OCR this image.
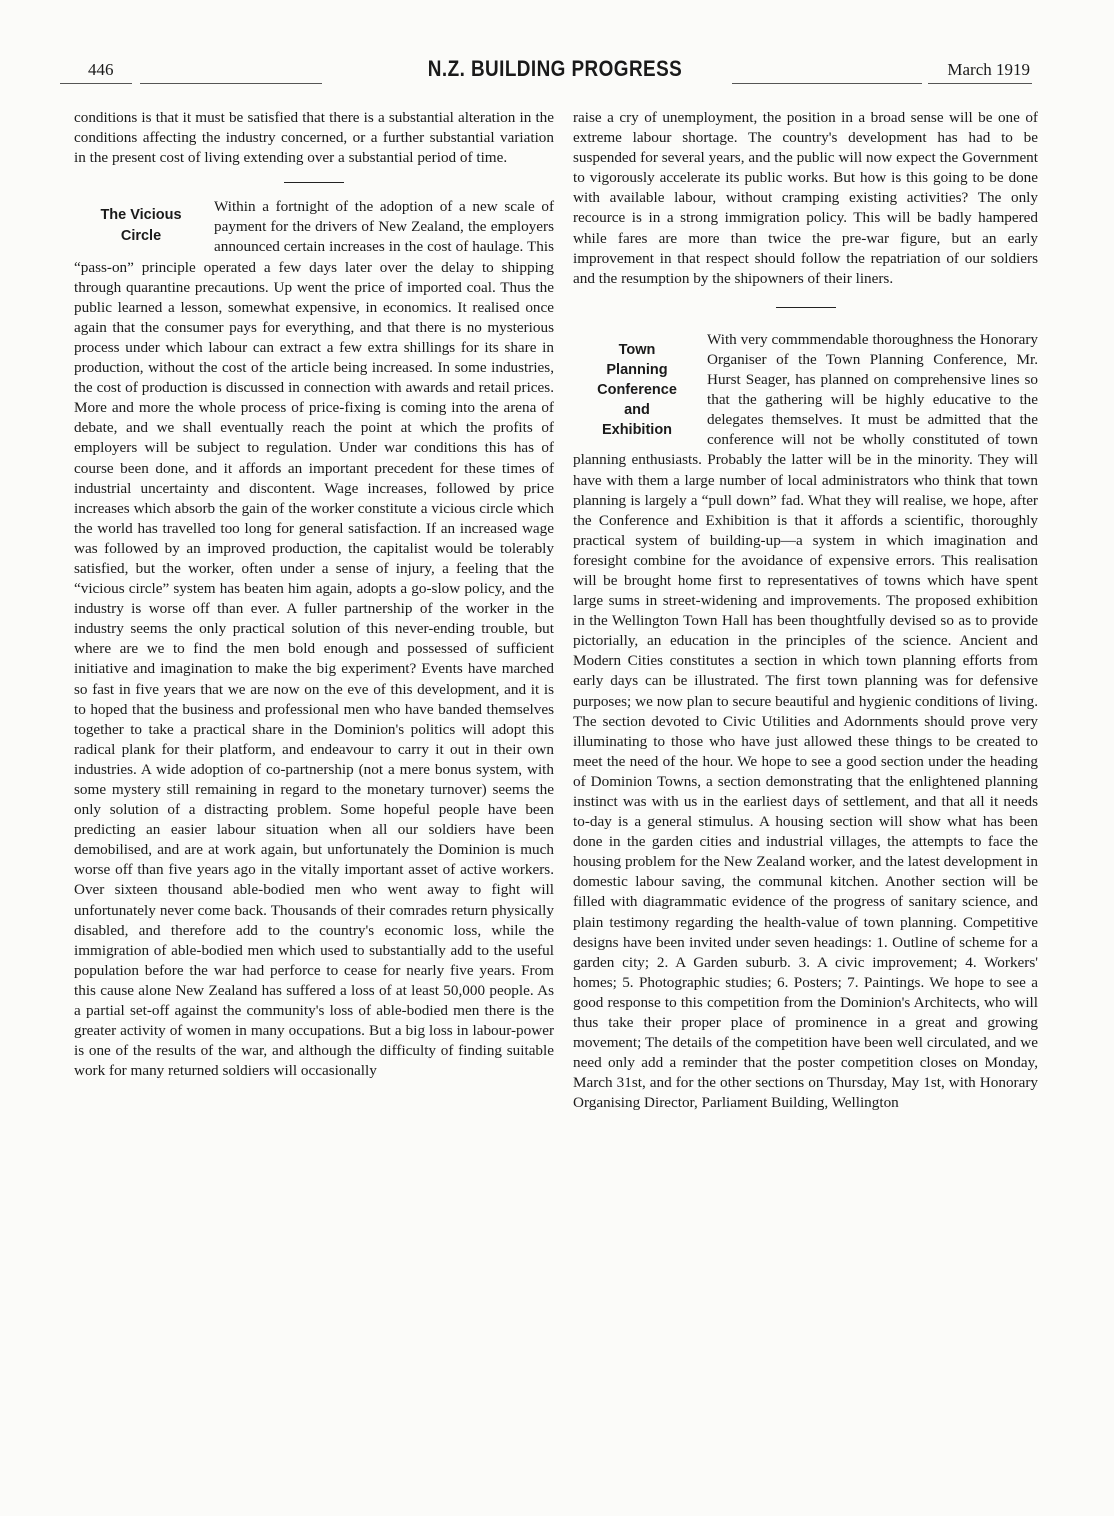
446	N.Z. BUILDING PROGRESS	March 1919

conditions is that it must be satisfied that there is a substantial alteration in the conditions affecting the industry concerned, or a further substantial variation in the present cost of living extending over a substantial period of time.

The Vicious
Circle

Within a fortnight of the adoption of a new scale of payment for the drivers of New Zealand, the employers announced certain increases in the cost of haulage. This “pass-on” principle operated a few days later over the delay to shipping through quarantine precautions. Up went the price of imported coal. Thus the public learned a lesson, somewhat expensive, in economics. It realised once again that the consumer pays for everything, and that there is no mysterious process under which labour can extract a few extra shillings for its share in production, without the cost of the article being increased. In some industries, the cost of production is discussed in connection with awards and retail prices. More and more the whole process of price-fixing is coming into the arena of debate, and we shall eventually reach the point at which the profits of employers will be subject to regulation. Under war conditions this has of course been done, and it affords an important precedent for these times of industrial uncertainty and discontent. Wage increases, followed by price increases which absorb the gain of the worker constitute a vicious circle which the world has travelled too long for general satisfaction. If an increased wage was followed by an improved production, the capitalist would be tolerably satisfied, but the worker, often under a sense of injury, a feeling that the “vicious circle” system has beaten him again, adopts a go-slow policy, and the industry is worse off than ever. A fuller partnership of the worker in the industry seems the only practical solution of this never-ending trouble, but where are we to find the men bold enough and possessed of sufficient initiative and imagination to make the big experiment? Events have marched so fast in five years that we are now on the eve of this development, and it is to hoped that the business and professional men who have banded themselves together to take a practical share in the Dominion's politics will adopt this radical plank for their platform, and endeavour to carry it out in their own industries. A wide adoption of co-partnership (not a mere bonus system, with some mystery still remaining in regard to the monetary turnover) seems the only solution of a distracting problem. Some hopeful people have been predicting an easier labour situation when all our soldiers have been demobilised, and are at work again, but unfortunately the Dominion is much worse off than five years ago in the vitally important asset of active workers. Over sixteen thousand able-bodied men who went away to fight will unfortunately never come back. Thousands of their comrades return physically disabled, and therefore add to the country's economic loss, while the immigration of able-bodied men which used to substantially add to the useful population before the war had perforce to cease for nearly five years. From this cause alone New Zealand has suffered a loss of at least 50,000 people. As a partial set-off against the community's loss of able-bodied men there is the greater activity of women in many occupations. But a big loss in labour-power is one of the results of the war, and although the difficulty of finding suitable work for many returned soldiers will occasionally

raise a cry of unemployment, the position in a broad sense will be one of extreme labour shortage. The country's development has had to be suspended for several years, and the public will now expect the Government to vigorously accelerate its public works. But how is this going to be done with available labour, without cramping existing activities? The only recource is in a strong immigration policy. This will be badly hampered while fares are more than twice the pre-war figure, but an early improvement in that respect should follow the repatriation of our soldiers and the resumption by the shipowners of their liners.

Town
Planning
Conference
and
Exhibition

With very commmendable thoroughness the Honorary Organiser of the Town Planning Conference, Mr. Hurst Seager, has planned on comprehensive lines so that the gathering will be highly educative to the delegates themselves. It must be admitted that the conference will not be wholly constituted of town planning enthusiasts. Probably the latter will be in the minority. They will have with them a large number of local administrators who think that town planning is largely a “pull down” fad. What they will realise, we hope, after the Conference and Exhibition is that it affords a scientific, thoroughly practical system of building-up—a system in which imagination and foresight combine for the avoidance of expensive errors. This realisation will be brought home first to representatives of towns which have spent large sums in street-widening and improvements. The proposed exhibition in the Wellington Town Hall has been thoughtfully devised so as to provide pictorially, an education in the principles of the science. Ancient and Modern Cities constitutes a section in which town planning efforts from early days can be illustrated. The first town planning was for defensive purposes; we now plan to secure beautiful and hygienic conditions of living. The section devoted to Civic Utilities and Adornments should prove very illuminating to those who have just allowed these things to be created to meet the need of the hour. We hope to see a good section under the heading of Dominion Towns, a section demonstrating that the enlightened planning instinct was with us in the earliest days of settlement, and that all it needs to-day is a general stimulus. A housing section will show what has been done in the garden cities and industrial villages, the attempts to face the housing problem for the New Zealand worker, and the latest development in domestic labour saving, the communal kitchen. Another section will be filled with diagrammatic evidence of the progress of sanitary science, and plain testimony regarding the health-value of town planning. Competitive designs have been invited under seven headings: 1. Outline of scheme for a garden city; 2. A Garden suburb. 3. A civic improvement; 4. Workers' homes; 5. Photographic studies; 6. Posters; 7. Paintings. We hope to see a good response to this competition from the Dominion's Architects, who will thus take their proper place of prominence in a great and growing movement; The details of the competition have been well circulated, and we need only add a reminder that the poster competition closes on Monday, March 31st, and for the other sections on Thursday, May 1st, with Honorary Organising Director, Parliament Building, Wellington
